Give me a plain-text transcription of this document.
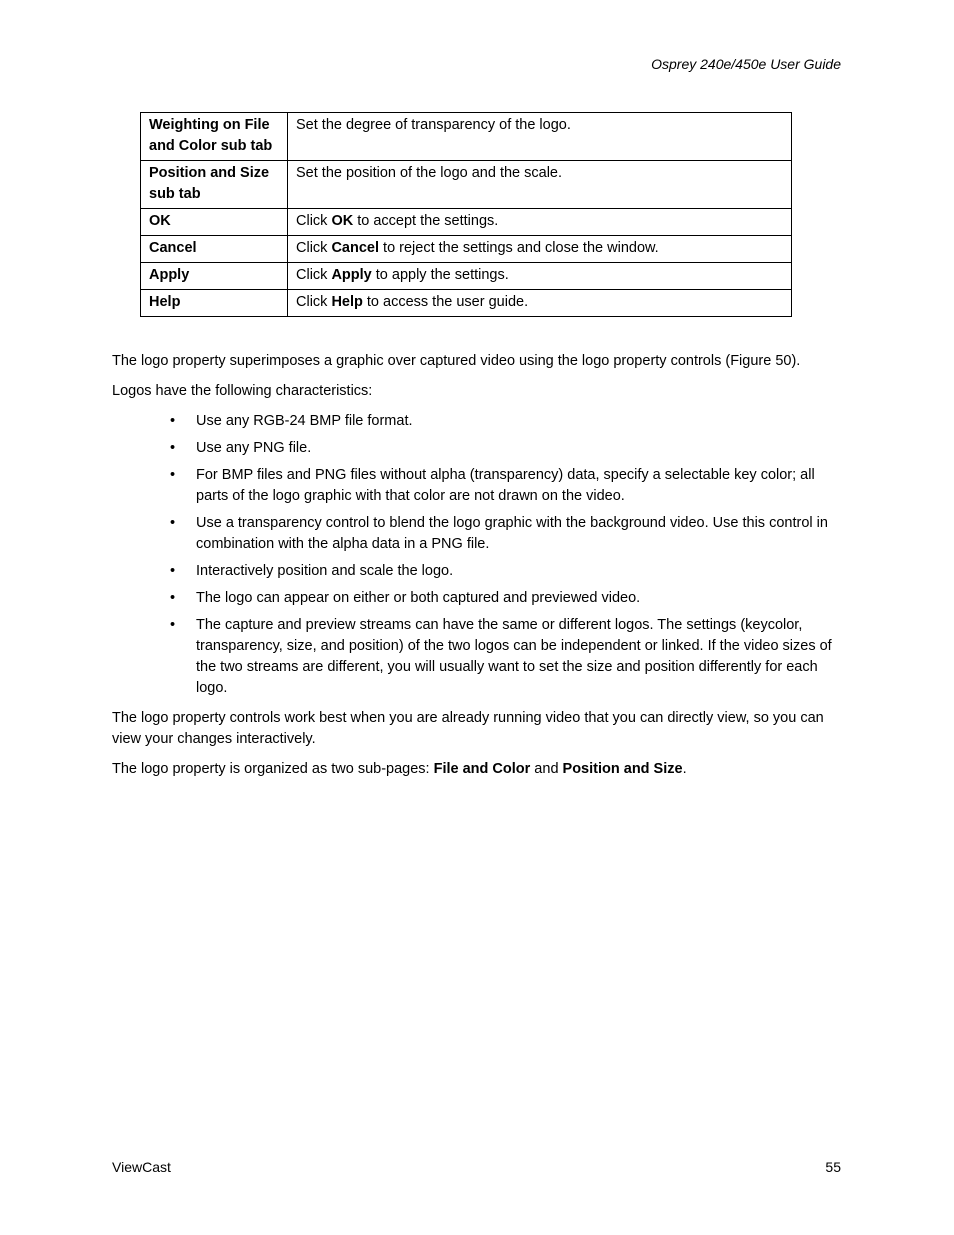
Osprey 240e/450e User Guide
Weighting on File and Color sub tab	Set the degree of transparency of the logo.
Position and Size sub tab	Set the position of the logo and the scale.
OK	Click OK to accept the settings.
Cancel	Click Cancel to reject the settings and close the window.
Apply	Click Apply to apply the settings.
Help	Click Help to access the user guide.

The logo property superimposes a graphic over captured video using the logo property controls (Figure 50).

Logos have the following characteristics:

• Use any RGB-24 BMP file format.
• Use any PNG file.
• For BMP files and PNG files without alpha (transparency) data, specify a selectable key color; all parts of the logo graphic with that color are not drawn on the video.
• Use a transparency control to blend the logo graphic with the background video. Use this control in combination with the alpha data in a PNG file.
• Interactively position and scale the logo.
• The logo can appear on either or both captured and previewed video.
• The capture and preview streams can have the same or different logos. The settings (keycolor, transparency, size, and position) of the two logos can be independent or linked. If the video sizes of the two streams are different, you will usually want to set the size and position differently for each logo.

The logo property controls work best when you are already running video that you can directly view, so you can view your changes interactively.

The logo property is organized as two sub-pages: File and Color and Position and Size.

ViewCast	55
